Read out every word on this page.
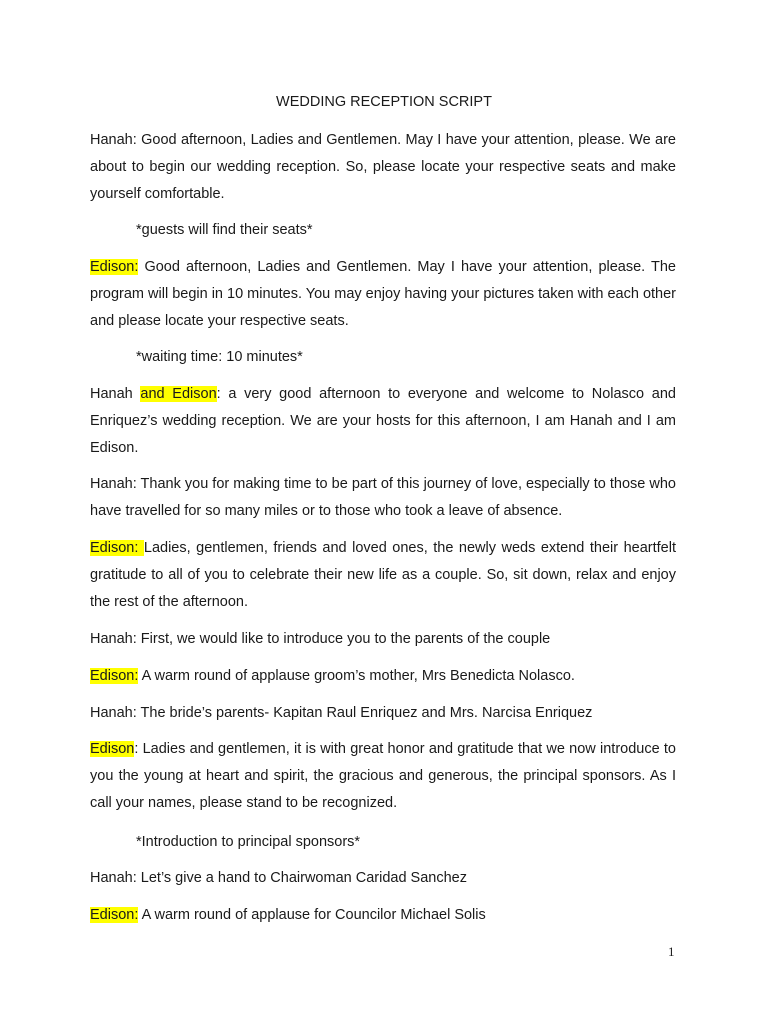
WEDDING RECEPTION SCRIPT

Hanah: Good afternoon, Ladies and Gentlemen. May I have your attention, please. We are about to begin our wedding reception. So, please locate your respective seats and make yourself comfortable.

*guests will find their seats*

Edison: Good afternoon, Ladies and Gentlemen. May I have your attention, please. The program will begin in 10 minutes. You may enjoy having your pictures taken with each other and please locate your respective seats.

*waiting time: 10 minutes*

Hanah and Edison: a very good afternoon to everyone and welcome to Nolasco and Enriquez’s wedding reception. We are your hosts for this afternoon, I am Hanah and I am Edison.

Hanah: Thank you for making time to be part of this journey of love, especially to those who have travelled for so many miles or to those who took a leave of absence.

Edison: Ladies, gentlemen, friends and loved ones, the newly weds extend their heartfelt gratitude to all of you to celebrate their new life as a couple. So, sit down, relax and enjoy the rest of the afternoon.

Hanah: First, we would like to introduce you to the parents of the couple

Edison: A warm round of applause groom’s mother, Mrs Benedicta Nolasco.

Hanah: The bride’s parents- Kapitan Raul Enriquez and Mrs. Narcisa Enriquez

Edison: Ladies and gentlemen, it is with great honor and gratitude that we now introduce to you the young at heart and spirit, the gracious and generous, the principal sponsors. As I call your names, please stand to be recognized.

*Introduction to principal sponsors*

Hanah: Let’s give a hand to Chairwoman Caridad Sanchez

Edison: A warm round of applause for Councilor Michael Solis

1
